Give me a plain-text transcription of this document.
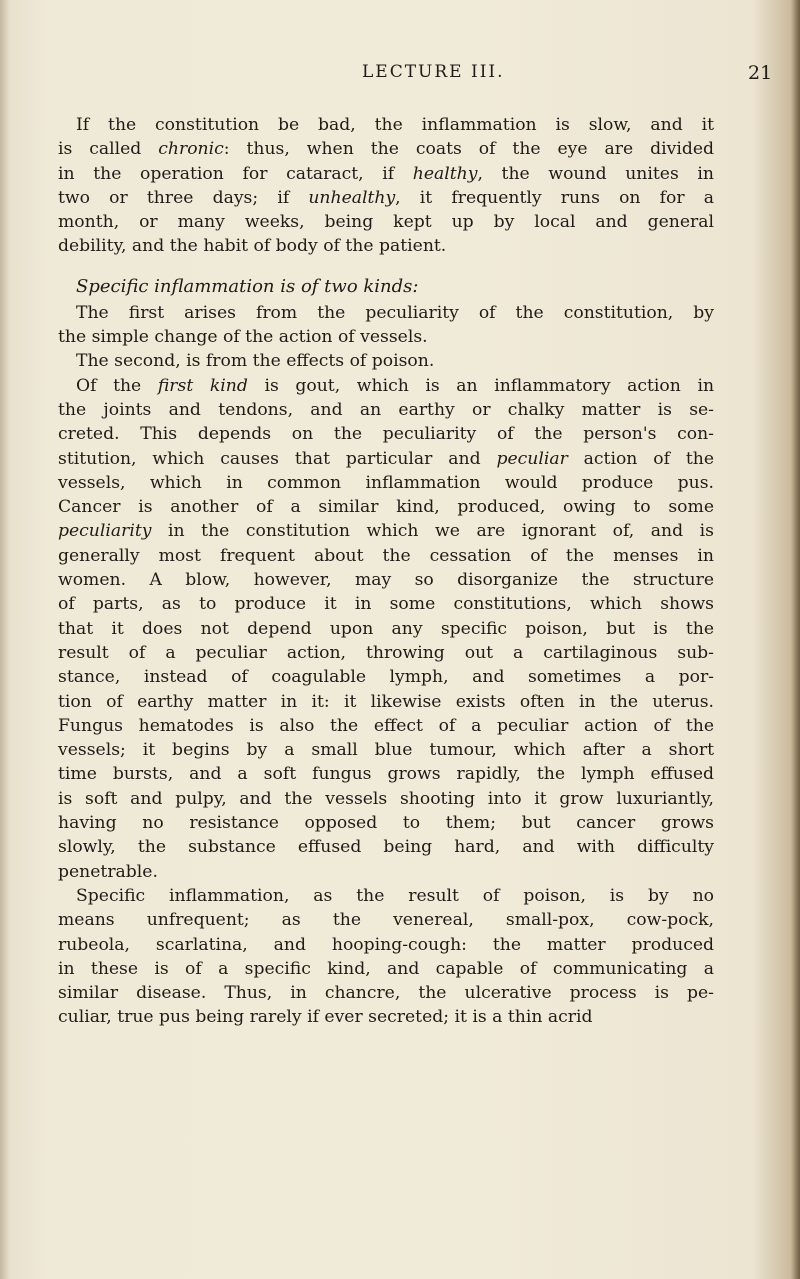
LECTURE III.	21
If the constitution be bad, the inflammation is slow, and it
is called chronic: thus, when the coats of the eye are divided
in the operation for cataract, if healthy, the wound unites in
two or three days; if unhealthy, it frequently runs on for a
month, or many weeks, being kept up by local and general
debility, and the habit of body of the patient.
Specific inflammation is of two kinds:
The first arises from the peculiarity of the constitution, by
the simple change of the action of vessels.
The second, is from the effects of poison.
Of the first kind is gout, which is an inflammatory action in
the joints and tendons, and an earthy or chalky matter is se-
creted. This depends on the peculiarity of the person's con-
stitution, which causes that particular and peculiar action of the
vessels, which in common inflammation would produce pus.
Cancer is another of a similar kind, produced, owing to some
peculiarity in the constitution which we are ignorant of, and is
generally most frequent about the cessation of the menses in
women. A blow, however, may so disorganize the structure
of parts, as to produce it in some constitutions, which shows
that it does not depend upon any specific poison, but is the
result of a peculiar action, throwing out a cartilaginous sub-
stance, instead of coagulable lymph, and sometimes a por-
tion of earthy matter in it: it likewise exists often in the uterus.
Fungus hematodes is also the effect of a peculiar action of the
vessels; it begins by a small blue tumour, which after a short
time bursts, and a soft fungus grows rapidly, the lymph effused
is soft and pulpy, and the vessels shooting into it grow luxuriantly,
having no resistance opposed to them; but cancer grows
slowly, the substance effused being hard, and with difficulty
penetrable.
Specific inflammation, as the result of poison, is by no
means unfrequent; as the venereal, small-pox, cow-pock,
rubeola, scarlatina, and hooping-cough: the matter produced
in these is of a specific kind, and capable of communicating a
similar disease. Thus, in chancre, the ulcerative process is pe-
culiar, true pus being rarely if ever secreted; it is a thin acrid
